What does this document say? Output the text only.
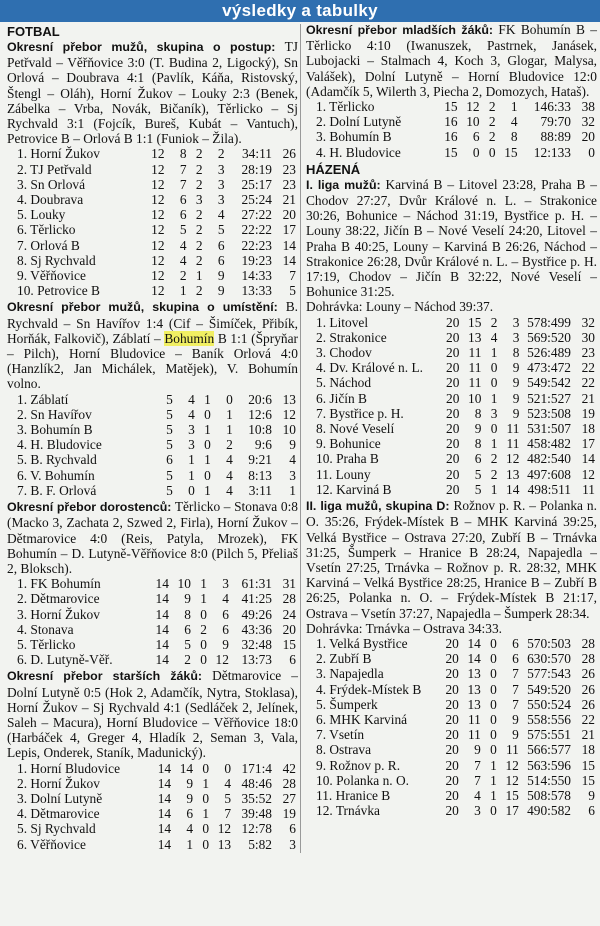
výsledky a tabulky
FOTBAL

Okresní přebor mužů, skupina o postup: TJ Petřvald – Věřňovice 3:0 (T. Budina 2, Ligocký), Sn Orlová – Doubrava 4:1 (Pavlík, Káňa, Ristovský, Štengl – Oláh), Horní Žukov – Louky 2:3 (Benek, Zábelka – Vrba, Novák, Bičaník), Těrlicko – Sj Rychvald 3:1 (Fojcík, Bureš, Kubát – Vantuch), Petrovice B – Orlová B 1:1 (Funiok – Žila).

1. Horní Žukov	12	8	2	2	34:11	26
2. TJ Petřvald	12	7	2	3	28:19	23
3. Sn Orlová	12	7	2	3	25:17	23
4. Doubrava	12	6	3	3	25:24	21
5. Louky	12	6	2	4	27:22	20
6. Těrlicko	12	5	2	5	22:22	17
7. Orlová B	12	4	2	6	22:23	14
8. Sj Rychvald	12	4	2	6	19:23	14
9. Věřňovice	12	2	1	9	14:33	7
10. Petrovice B	12	1	2	9	13:33	5

Okresní přebor mužů, skupina o umístění: B. Rychvald – Sn Havířov 1:4 (Cif – Šimíček, Přibík, Horňák, Falkovič), Záblatí – Bohumín B 1:1 (Špryňar – Pilch), Horní Bludovice – Baník Orlová 4:0 (Hanzlík2, Jan Michálek, Matějek), V. Bohumín volno.

1. Záblatí	5	4	1	0	20:6	13
2. Sn Havířov	5	4	0	1	12:6	12
3. Bohumín B	5	3	1	1	10:8	10
4. H. Bludovice	5	3	0	2	9:6	9
5. B. Rychvald	6	1	1	4	9:21	4
6. V. Bohumín	5	1	0	4	8:13	3
7. B. F. Orlová	5	0	1	4	3:11	1

Okresní přebor dorostenců: Těrlicko – Stonava 0:8 (Macko 3, Zachata 2, Szwed 2, Firla), Horní Žukov – Dětmarovice 4:0 (Reis, Patyla, Mrozek), FK Bohumín – D. Lutyně-Věřňovice 8:0 (Pilch 5, Přeliaš 2, Bloksch).

1. FK Bohumín	14	10	1	3	61:31	31
2. Dětmarovice	14	9	1	4	41:25	28
3. Horní Žukov	14	8	0	6	49:26	24
4. Stonava	14	6	2	6	43:36	20
5. Těrlicko	14	5	0	9	32:48	15
6. D. Lutyně-Věř.	14	2	0	12	13:73	6

Okresní přebor starších žáků: Dětmarovice – Dolní Lutyně 0:5 (Hok 2, Adamčík, Nytra, Stoklasa), Horní Žukov – Sj Rychvald 4:1 (Sedláček 2, Jelínek, Saleh – Macura), Horní Bludovice – Věřňovice 18:0 (Harbáček 4, Greger 4, Hladík 2, Seman 3, Vala, Lepis, Onderek, Staník, Madunický).

1. Horní Bludovice	14	14	0	0	171:4	42
2. Horní Žukov	14	9	1	4	48:46	28
3. Dolní Lutyně	14	9	0	5	35:52	27
4. Dětmarovice	14	6	1	7	39:48	19
5. Sj Rychvald	14	4	0	12	12:78	6
6. Věřňovice	14	1	0	13	5:82	3

Okresní přebor mladších žáků: FK Bohumín B – Těrlicko 4:10 (Iwanuszek, Pastrnek, Janásek, Lubojacki – Stalmach 4, Koch 3, Glogar, Malysa, Valášek), Dolní Lutyně – Horní Bludovice 12:0 (Adamčík 5, Wilerth 3, Piecha 2, Domozych, Hataš).

1. Těrlicko	15	12	2	1	146:33	38
2. Dolní Lutyně	16	10	2	4	79:70	32
3. Bohumín B	16	6	2	8	88:89	20
4. H. Bludovice	15	0	0	15	12:133	0
HÁZENÁ

I. liga mužů: Karviná B – Litovel 23:28, Praha B – Chodov 27:27, Dvůr Králové n. L. – Strakonice 30:26, Bohunice – Náchod 31:19, Bystřice p. H. – Louny 38:22, Jičín B – Nové Veselí 24:20, Litovel – Praha B 40:25, Louny – Karviná B 26:26, Náchod – Strakonice 26:28, Dvůr Králové n. L. – Bystřice p. H. 17:19, Chodov – Jičín B 32:22, Nové Veselí – Bohunice 31:25.

Dohrávka: Louny – Náchod 39:37.

1. Litovel	20	15	2	3	578:499	32
2. Strakonice	20	13	4	3	569:520	30
3. Chodov	20	11	1	8	526:489	23
4. Dv. Králové n. L.	20	11	0	9	473:472	22
5. Náchod	20	11	0	9	549:542	22
6. Jičín B	20	10	1	9	521:527	21
7. Bystřice p. H.	20	8	3	9	523:508	19
8. Nové Veselí	20	9	0	11	531:507	18
9. Bohunice	20	8	1	11	458:482	17
10. Praha B	20	6	2	12	482:540	14
11. Louny	20	5	2	13	497:608	12
12. Karviná B	20	5	1	14	498:511	11

II. liga mužů, skupina D: Rožnov p. R. – Polanka n. O. 35:26, Frýdek-Místek B – MHK Karviná 39:25, Velká Bystřice – Ostrava 27:20, Zubří B – Trnávka 31:25, Šumperk – Hranice B 28:24, Napajedla – Vsetín 27:25, Trnávka – Rožnov p. R. 28:32, MHK Karviná – Velká Bystřice 28:25, Hranice B – Zubří B 26:25, Polanka n. O. – Frýdek-Místek B 21:17, Ostrava – Vsetín 37:27, Napajedla – Šumperk 28:34.

Dohrávka: Trnávka – Ostrava 34:33.

1. Velká Bystřice	20	14	0	6	570:503	28
2. Zubří B	20	14	0	6	630:570	28
3. Napajedla	20	13	0	7	577:543	26
4. Frýdek-Místek B	20	13	0	7	549:520	26
5. Šumperk	20	13	0	7	550:524	26
6. MHK Karviná	20	11	0	9	558:556	22
7. Vsetín	20	11	0	9	575:551	21
8. Ostrava	20	9	0	11	566:577	18
9. Rožnov p. R.	20	7	1	12	563:596	15
10. Polanka n. O.	20	7	1	12	514:550	15
11. Hranice B	20	4	1	15	508:578	9
12. Trnávka	20	3	0	17	490:582	6
